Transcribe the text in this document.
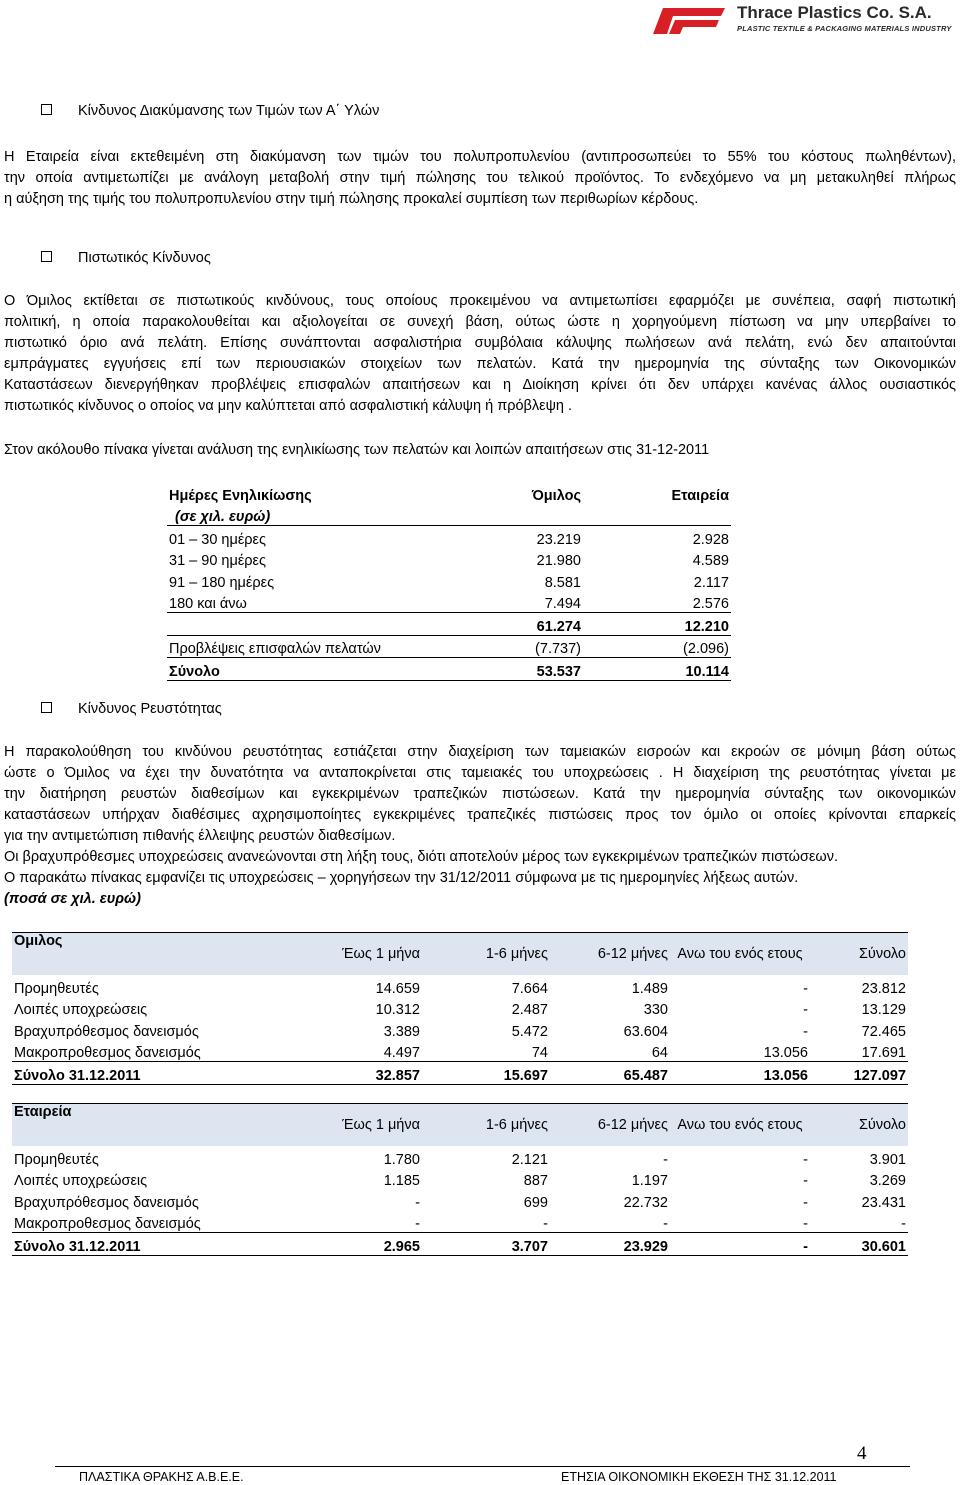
Thrace Plastics Co. S.A.
PLASTIC TEXTILE & PACKAGING MATERIALS INDUSTRY
Κίνδυνος Διακύμανσης των Τιμών των Α΄ Υλών
Η Εταιρεία είναι εκτεθειμένη στη διακύμανση των τιμών του πολυπροπυλενίου (αντιπροσωπεύει το 55% του κόστους πωληθέντων),
την οποία αντιμετωπίζει με ανάλογη μεταβολή στην τιμή πώλησης του τελικού προϊόντος. Το ενδεχόμενο να μη μετακυληθεί πλήρως
η αύξηση της τιμής του πολυπροπυλενίου στην τιμή πώλησης προκαλεί συμπίεση των περιθωρίων κέρδους.
Πιστωτικός Κίνδυνος
Ο Όμιλος εκτίθεται σε πιστωτικούς κινδύνους, τους οποίους προκειμένου να αντιμετωπίσει εφαρμόζει με συνέπεια, σαφή πιστωτική
πολιτική, η οποία παρακολουθείται και αξιολογείται σε συνεχή βάση, ούτως ώστε η χορηγούμενη πίστωση να μην υπερβαίνει το
πιστωτικό όριο ανά πελάτη. Επίσης συνάπτονται ασφαλιστήρια συμβόλαια κάλυψης πωλήσεων ανά πελάτη, ενώ δεν απαιτούνται
εμπράγματες εγγυήσεις επί των περιουσιακών στοιχείων των πελατών. Κατά την ημερομηνία της σύνταξης των Οικονομικών
Καταστάσεων διενεργήθηκαν προβλέψεις επισφαλών απαιτήσεων και η Διοίκηση κρίνει ότι δεν υπάρχει κανένας άλλος ουσιαστικός
πιστωτικός κίνδυνος ο οποίος να μην καλύπτεται από ασφαλιστική κάλυψη ή πρόβλεψη .
Στον ακόλουθο πίνακα γίνεται ανάλυση της ενηλικίωσης των πελατών και λοιπών απαιτήσεων στις 31-12-2011
Ημέρες Ενηλικίωσης	Όμιλος	Εταιρεία
(σε χιλ. ευρώ)		
01 – 30 ημέρες	23.219	2.928
31 – 90 ημέρες	21.980	4.589
91 – 180 ημέρες	8.581	2.117
180 και άνω	7.494	2.576
	61.274	12.210
Προβλέψεις επισφαλών πελατών	(7.737)	(2.096)
Σύνολο	53.537	10.114
Κίνδυνος Ρευστότητας
Η παρακολούθηση του κινδύνου ρευστότητας εστιάζεται στην διαχείριση των ταμειακών εισροών και εκροών σε μόνιμη βάση ούτως
ώστε ο Όμιλος να έχει την δυνατότητα να ανταποκρίνεται στις ταμειακές του υποχρεώσεις . Η διαχείριση της ρευστότητας γίνεται με
την διατήρηση ρευστών διαθεσίμων και εγκεκριμένων τραπεζικών πιστώσεων. Κατά την ημερομηνία σύνταξης των οικονομικών
καταστάσεων υπήρχαν διαθέσιμες αχρησιμοποίητες εγκεκριμένες τραπεζικές πιστώσεις προς τον όμιλο οι οποίες κρίνονται επαρκείς
για την αντιμετώπιση πιθανής έλλειψης ρευστών διαθεσίμων.
Οι βραχυπρόθεσμες υποχρεώσεις ανανεώνονται στη λήξη τους, διότι αποτελούν μέρος των εγκεκριμένων τραπεζικών πιστώσεων.
Ο παρακάτω πίνακας εμφανίζει τις υποχρεώσεις – χορηγήσεων την 31/12/2011 σύμφωνα με τις ημερομηνίες λήξεως αυτών.
(ποσά σε χιλ. ευρώ)
Ομιλος	Έως 1 μήνα	1-6 μήνες	6-12 μήνες	Ανω του ενός ετους	Σύνολο
Προμηθευτές	14.659	7.664	1.489	-	23.812
Λοιπές υποχρεώσεις	10.312	2.487	330	-	13.129
Βραχυπρόθεσμος δανεισμός	3.389	5.472	63.604	-	72.465
Μακροπροθεσμος δανεισμός	4.497	74	64	13.056	17.691
Σύνολο 31.12.2011	32.857	15.697	65.487	13.056	127.097
Εταιρεία	Έως 1 μήνα	1-6 μήνες	6-12 μήνες	Ανω του ενός ετους	Σύνολο
Προμηθευτές	1.780	2.121	-	-	3.901
Λοιπές υποχρεώσεις	1.185	887	1.197	-	3.269
Βραχυπρόθεσμος δανεισμός	-	699	22.732	-	23.431
Μακροπροθεσμος δανεισμός	-	-	-	-	-
Σύνολο 31.12.2011	2.965	3.707	23.929	-	30.601
4
ΠΛΑΣΤΙΚΑ ΘΡΑΚΗΣ Α.Β.Ε.Ε.	ΕΤΗΣΙΑ ΟΙΚΟΝΟΜΙΚΗ ΕΚΘΕΣΗ ΤΗΣ 31.12.2011
